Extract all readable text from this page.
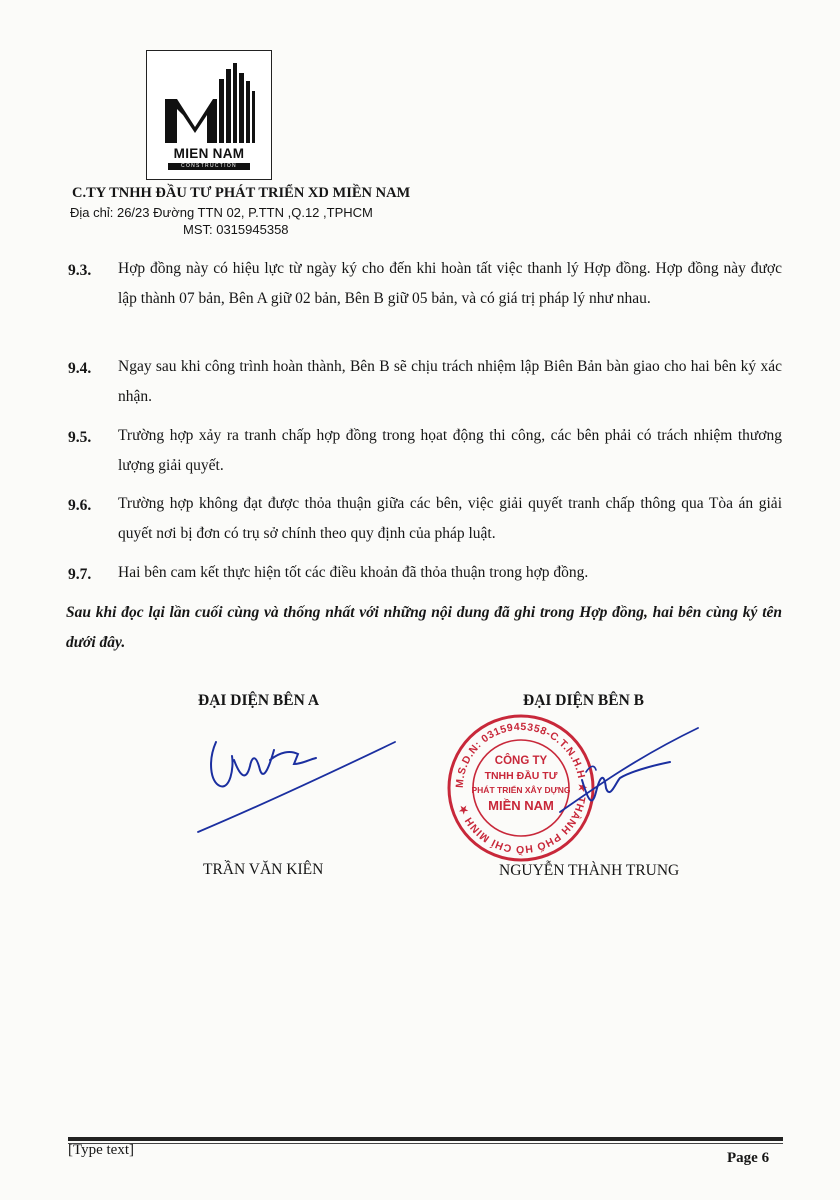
MIEN NAM
CONSTRUCTION
C.TY TNHH ĐẦU TƯ PHÁT TRIỂN XD MIỀN NAM
Địa chỉ: 26/23 Đường TTN 02, P.TTN ,Q.12 ,TPHCM
MST: 0315945358
9.3. Hợp đồng này có hiệu lực từ ngày ký cho đến khi hoàn tất việc thanh lý Hợp đồng. Hợp đồng này được lập thành 07 bản, Bên A giữ 02 bản, Bên B giữ 05 bản, và có giá trị pháp lý như nhau.
9.4. Ngay sau khi công trình hoàn thành, Bên B sẽ chịu trách nhiệm lập Biên Bản bàn giao cho hai bên ký xác nhận.
9.5. Trường hợp xảy ra tranh chấp hợp đồng trong họat động thi công, các bên phải có trách nhiệm thương lượng giải quyết.
9.6. Trường hợp không đạt được thỏa thuận giữa các bên, việc giải quyết tranh chấp thông qua Tòa án giải quyết nơi bị đơn có trụ sở chính theo quy định của pháp luật.
9.7. Hai bên cam kết thực hiện tốt các điều khoản đã thỏa thuận trong hợp đồng.
Sau khi đọc lại lần cuối cùng và thống nhất với những nội dung đã ghi trong Hợp đồng, hai bên cùng ký tên dưới đây.
ĐẠI DIỆN BÊN A	ĐẠI DIỆN BÊN B
M.S.D.N: 0315945358-C.T.N.H.H ★ THÀNH PHỐ HỒ CHÍ MINH ★
CÔNG TY
TNHH ĐẦU TƯ
PHÁT TRIỂN XÂY DỰNG
MIỀN NAM
TRẦN VĂN KIÊN	NGUYỄN THÀNH TRUNG
[Type text]	Page 6
